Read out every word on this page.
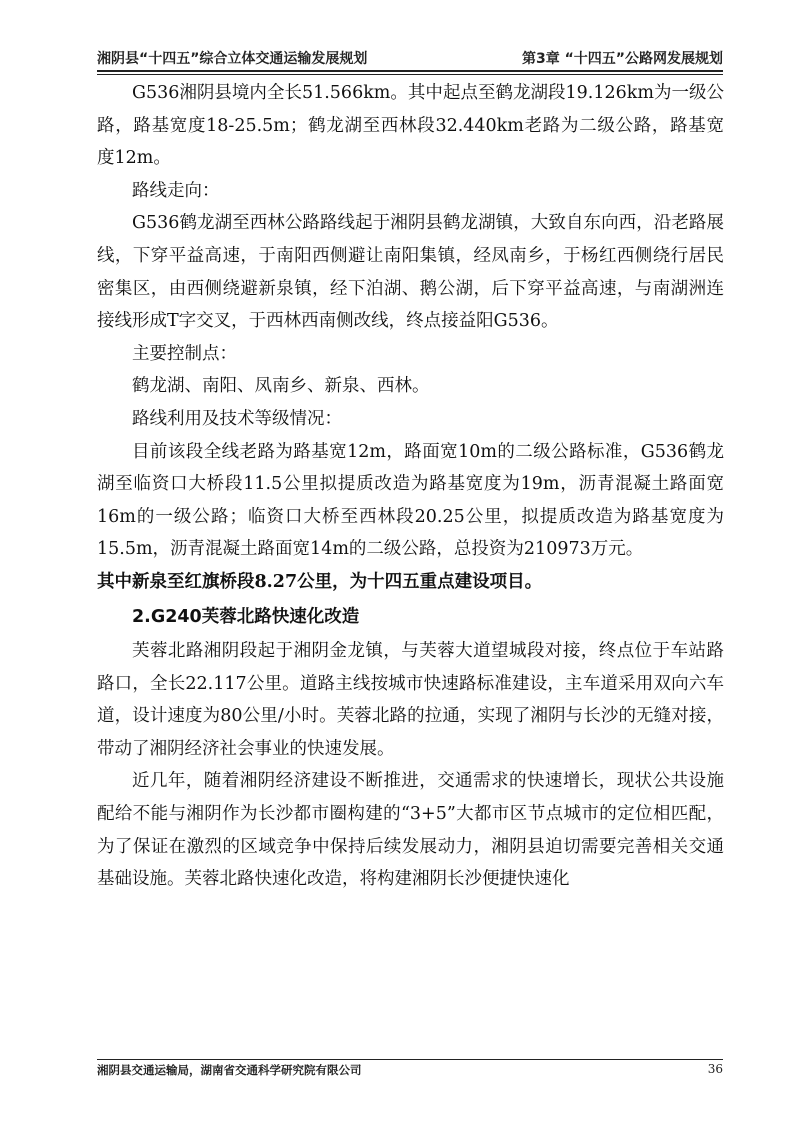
湘阴县“十四五”综合立体交通运输发展规划	第3章 “十四五”公路网发展规划

G536湘阴县境内全长51.566km。其中起点至鹤龙湖段19.126km为一级公路，路基宽度18-25.5m；鹤龙湖至西林段32.440km老路为二级公路，路基宽度12m。

路线走向：

G536鹤龙湖至西林公路路线起于湘阴县鹤龙湖镇，大致自东向西，沿老路展线，下穿平益高速，于南阳西侧避让南阳集镇，经凤南乡，于杨红西侧绕行居民密集区，由西侧绕避新泉镇，经下泊湖、鹅公湖，后下穿平益高速，与南湖洲连接线形成T字交叉，于西林西南侧改线，终点接益阳G536。

主要控制点：

鹤龙湖、南阳、凤南乡、新泉、西林。

路线利用及技术等级情况：

目前该段全线老路为路基宽12m，路面宽10m的二级公路标准，G536鹤龙湖至临资口大桥段11.5公里拟提质改造为路基宽度为19m，沥青混凝土路面宽16m的一级公路；临资口大桥至西林段20.25公里，拟提质改造为路基宽度为15.5m，沥青混凝土路面宽14m的二级公路，总投资为210973万元。

其中新泉至红旗桥段8.27公里，为十四五重点建设项目。

2.G240芙蓉北路快速化改造

芙蓉北路湘阴段起于湘阴金龙镇，与芙蓉大道望城段对接，终点位于车站路路口，全长22.117公里。道路主线按城市快速路标准建设，主车道采用双向六车道，设计速度为80公里/小时。芙蓉北路的拉通，实现了湘阴与长沙的无缝对接，带动了湘阴经济社会事业的快速发展。

近几年，随着湘阴经济建设不断推进，交通需求的快速增长，现状公共设施配给不能与湘阴作为长沙都市圈构建的“3+5”大都市区节点城市的定位相匹配，为了保证在激烈的区域竞争中保持后续发展动力，湘阴县迫切需要完善相关交通基础设施。芙蓉北路快速化改造，将构建湘阴长沙便捷快速化

湘阴县交通运输局，湖南省交通科学研究院有限公司	36
